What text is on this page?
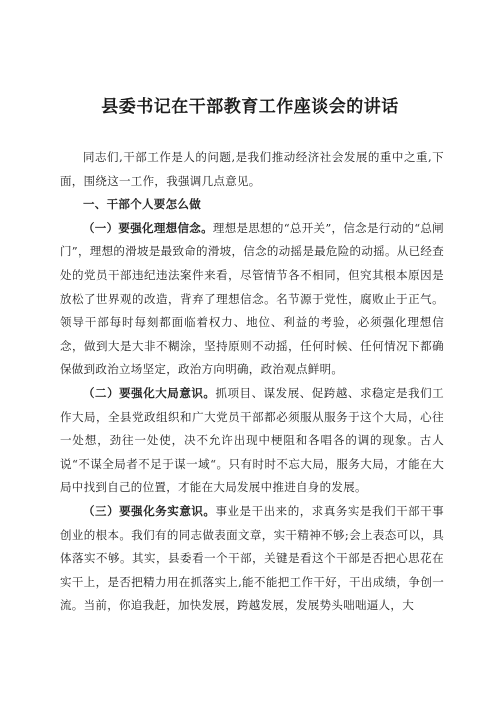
县委书记在干部教育工作座谈会的讲话

同志们,干部工作是人的问题,是我们推动经济社会发展的重中之重,下面，围绕这一工作，我强调几点意见。

一、干部个人要怎么做

（一）要强化理想信念。理想是思想的“总开关”，信念是行动的“总闸门”，理想的滑坡是最致命的滑坡，信念的动摇是最危险的动摇。从已经查处的党员干部违纪违法案件来看，尽管情节各不相同，但究其根本原因是放松了世界观的改造，背弃了理想信念。名节源于党性，腐败止于正气。领导干部每时每刻都面临着权力、地位、利益的考验，必须强化理想信念，做到大是大非不糊涂，坚持原则不动摇，任何时候、任何情况下都确保做到政治立场坚定，政治方向明确，政治观点鲜明。

（二）要强化大局意识。抓项目、谋发展、促跨越、求稳定是我们工作大局，全县党政组织和广大党员干部都必须服从服务于这个大局，心往一处想，劲往一处使，决不允许出现中梗阻和各唱各的调的现象。古人说“不谋全局者不足于谋一域“。只有时时不忘大局，服务大局，才能在大局中找到自己的位置，才能在大局发展中推进自身的发展。

（三）要强化务实意识。事业是干出来的，求真务实是我们干部干事创业的根本。我们有的同志做表面文章，实干精神不够;会上表态可以，具体落实不够。其实，县委看一个干部，关键是看这个干部是否把心思花在实干上，是否把精力用在抓落实上,能不能把工作干好，干出成绩，争创一流。当前，你追我赶，加快发展，跨越发展，发展势头咄咄逼人，大
